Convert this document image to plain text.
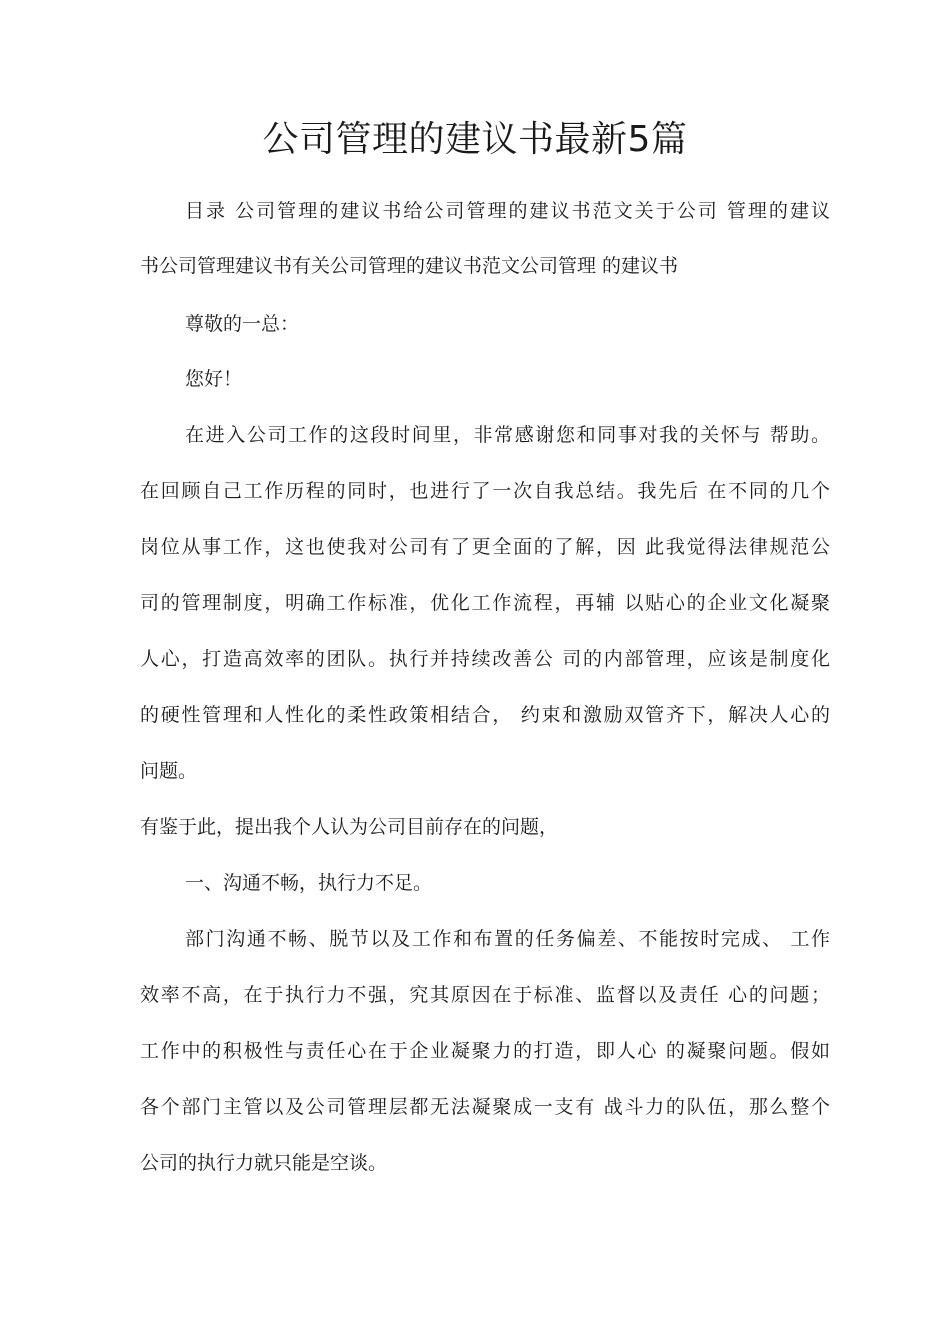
公司管理的建议书最新5篇
目录 公司管理的建议书给公司管理的建议书范文关于公司 管理的建议
书公司管理建议书有关公司管理的建议书范文公司管理 的建议书
尊敬的一总：
您好！
在进入公司工作的这段时间里，非常感谢您和同事对我的关怀与 帮助。
在回顾自己工作历程的同时，也进行了一次自我总结。我先后 在不同的几个
岗位从事工作，这也使我对公司有了更全面的了解，因 此我觉得法律规范公
司的管理制度，明确工作标准，优化工作流程，再辅 以贴心的企业文化凝聚
人心，打造高效率的团队。执行并持续改善公 司的内部管理，应该是制度化
的硬性管理和人性化的柔性政策相结合， 约束和激励双管齐下，解决人心的
问题。
有鉴于此，提出我个人认为公司目前存在的问题，
一、沟通不畅，执行力不足。
部门沟通不畅、脱节以及工作和布置的任务偏差、不能按时完成、 工作
效率不高，在于执行力不强，究其原因在于标准、监督以及责任 心的问题；
工作中的积极性与责任心在于企业凝聚力的打造，即人心 的凝聚问题。假如
各个部门主管以及公司管理层都无法凝聚成一支有 战斗力的队伍，那么整个
公司的执行力就只能是空谈。
